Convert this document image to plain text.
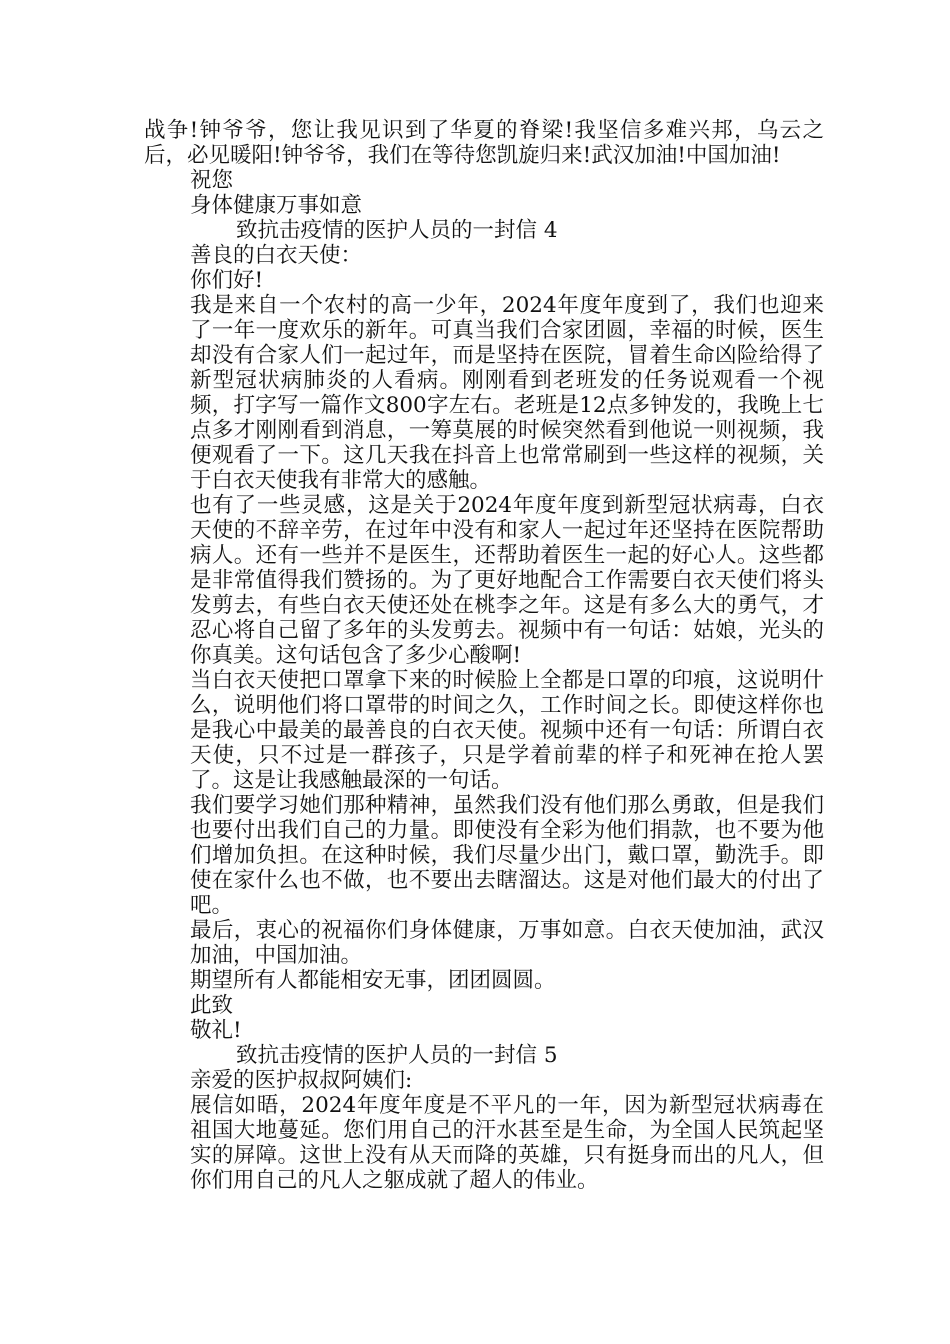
战争!钟爷爷，您让我见识到了华夏的脊梁!我坚信多难兴邦，乌云之后，必见暖阳!钟爷爷，我们在等待您凯旋归来!武汉加油!中国加油!

祝您

身体健康万事如意

致抗击疫情的医护人员的一封信 4

善良的白衣天使：

你们好!

我是来自一个农村的高一少年，2024年度年度到了，我们也迎来了一年一度欢乐的新年。可真当我们合家团圆，幸福的时候，医生却没有合家人们一起过年，而是坚持在医院，冒着生命凶险给得了新型冠状病肺炎的人看病。刚刚看到老班发的任务说观看一个视频，打字写一篇作文800字左右。老班是12点多钟发的，我晚上七点多才刚刚看到消息，一筹莫展的时候突然看到他说一则视频，我便观看了一下。这几天我在抖音上也常常刷到一些这样的视频，关于白衣天使我有非常大的感触。

也有了一些灵感，这是关于2024年度年度到新型冠状病毒，白衣天使的不辞辛劳，在过年中没有和家人一起过年还坚持在医院帮助病人。还有一些并不是医生，还帮助着医生一起的好心人。这些都是非常值得我们赞扬的。为了更好地配合工作需要白衣天使们将头发剪去，有些白衣天使还处在桃李之年。这是有多么大的勇气，才忍心将自己留了多年的头发剪去。视频中有一句话：姑娘，光头的你真美。这句话包含了多少心酸啊!

当白衣天使把口罩拿下来的时候脸上全都是口罩的印痕，这说明什么，说明他们将口罩带的时间之久，工作时间之长。即使这样你也是我心中最美的最善良的白衣天使。视频中还有一句话：所谓白衣天使，只不过是一群孩子，只是学着前辈的样子和死神在抢人罢了。这是让我感触最深的一句话。

我们要学习她们那种精神，虽然我们没有他们那么勇敢，但是我们也要付出我们自己的力量。即使没有全彩为他们捐款，也不要为他们增加负担。在这种时候，我们尽量少出门，戴口罩，勤洗手。即使在家什么也不做，也不要出去瞎溜达。这是对他们最大的付出了吧。

最后，衷心的祝福你们身体健康，万事如意。白衣天使加油，武汉加油，中国加油。

期望所有人都能相安无事，团团圆圆。

此致

敬礼!

致抗击疫情的医护人员的一封信 5

亲爱的医护叔叔阿姨们:

展信如晤，2024年度年度是不平凡的一年，因为新型冠状病毒在祖国大地蔓延。您们用自己的汗水甚至是生命，为全国人民筑起坚实的屏障。这世上没有从天而降的英雄，只有挺身而出的凡人，但你们用自己的凡人之躯成就了超人的伟业。
